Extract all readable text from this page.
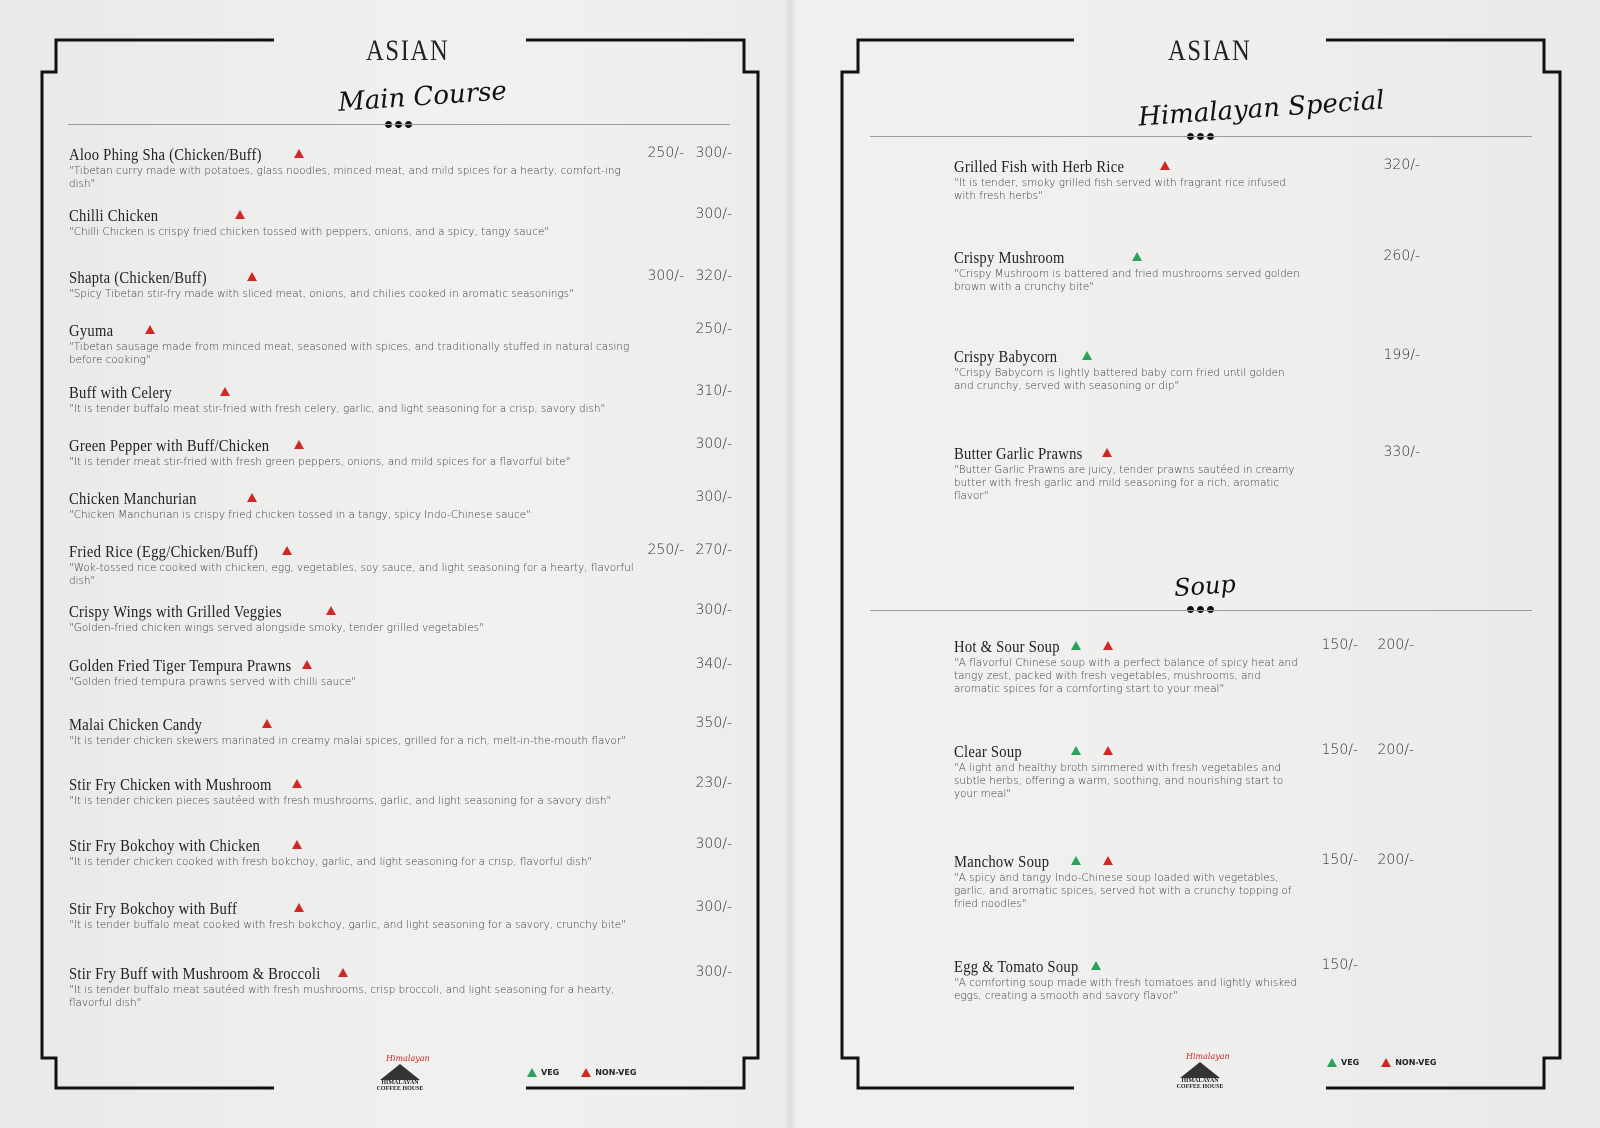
ASIAN
Main Course
Aloo Phing Sha (Chicken/Buff)
"Tibetan curry made with potatoes, glass noodles, minced meat, and mild spices for a hearty, comfort-ing dish"
250/- 300/-
Chilli Chicken
"Chilli Chicken is crispy fried chicken tossed with peppers, onions, and a spicy, tangy sauce"
300/-
Shapta (Chicken/Buff)
"Spicy Tibetan stir-fry made with sliced meat, onions, and chilies cooked in aromatic seasonings"
300/- 320/-
Gyuma
"Tibetan sausage made from minced meat, seasoned with spices, and traditionally stuffed in natural casing before cooking"
250/-
Buff with Celery
"It is tender buffalo meat stir-fried with fresh celery, garlic, and light seasoning for a crisp, savory dish"
310/-
Green Pepper with Buff/Chicken
"It is tender meat stir-fried with fresh green peppers, onions, and mild spices for a flavorful bite"
300/-
Chicken Manchurian
"Chicken Manchurian is crispy fried chicken tossed in a tangy, spicy Indo-Chinese sauce"
300/-
Fried Rice (Egg/Chicken/Buff)
"Wok-tossed rice cooked with chicken, egg, vegetables, soy sauce, and light seasoning for a hearty, flavorful dish"
250/- 270/-
Crispy Wings with Grilled Veggies
"Golden-fried chicken wings served alongside smoky, tender grilled vegetables"
300/-
Golden Fried Tiger Tempura Prawns
"Golden fried tempura prawns served with chilli sauce"
340/-
Malai Chicken Candy
"It is tender chicken skewers marinated in creamy malai spices, grilled for a rich, melt-in-the-mouth flavor"
350/-
Stir Fry Chicken with Mushroom
"It is tender chicken pieces sautéed with fresh mushrooms, garlic, and light seasoning for a savory dish"
230/-
Stir Fry Bokchoy with Chicken
"It is tender chicken cooked with fresh bokchoy, garlic, and light seasoning for a crisp, flavorful dish"
300/-
Stir Fry Bokchoy with Buff
"It is tender buffalo meat cooked with fresh bokchoy, garlic, and light seasoning for a savory, crunchy bite"
300/-
Stir Fry Buff with Mushroom & Broccoli
"It is tender buffalo meat sautéed with fresh mushrooms, crisp broccoli, and light seasoning for a hearty, flavorful dish"
300/-
Himalayan
HIMALAYAN
COFFEE HOUSE
VEG	NON-VEG
ASIAN
Himalayan Special
Grilled Fish with Herb Rice
"It is tender, smoky grilled fish served with fragrant rice infused with fresh herbs"
320/-
Crispy Mushroom
"Crispy Mushroom is battered and fried mushrooms served golden brown with a crunchy bite"
260/-
Crispy Babycorn
"Crispy Babycorn is lightly battered baby corn fried until golden and crunchy, served with seasoning or dip"
199/-
Butter Garlic Prawns
"Butter Garlic Prawns are juicy, tender prawns sautéed in creamy butter with fresh garlic and mild seasoning for a rich, aromatic flavor"
330/-
Soup
Hot & Sour Soup
"A flavorful Chinese soup with a perfect balance of spicy heat and tangy zest, packed with fresh vegetables, mushrooms, and aromatic spices for a comforting start to your meal"
150/-	200/-
Clear Soup
"A light and healthy broth simmered with fresh vegetables and subtle herbs, offering a warm, soothing, and nourishing start to your meal"
150/-	200/-
Manchow Soup
"A spicy and tangy Indo-Chinese soup loaded with vegetables, garlic, and aromatic spices, served hot with a crunchy topping of fried noodles"
150/-	200/-
Egg & Tomato Soup
"A comforting soup made with fresh tomatoes and lightly whisked eggs, creating a smooth and savory flavor"
150/-
Himalayan
HIMALAYAN
COFFEE HOUSE
VEG	NON-VEG
